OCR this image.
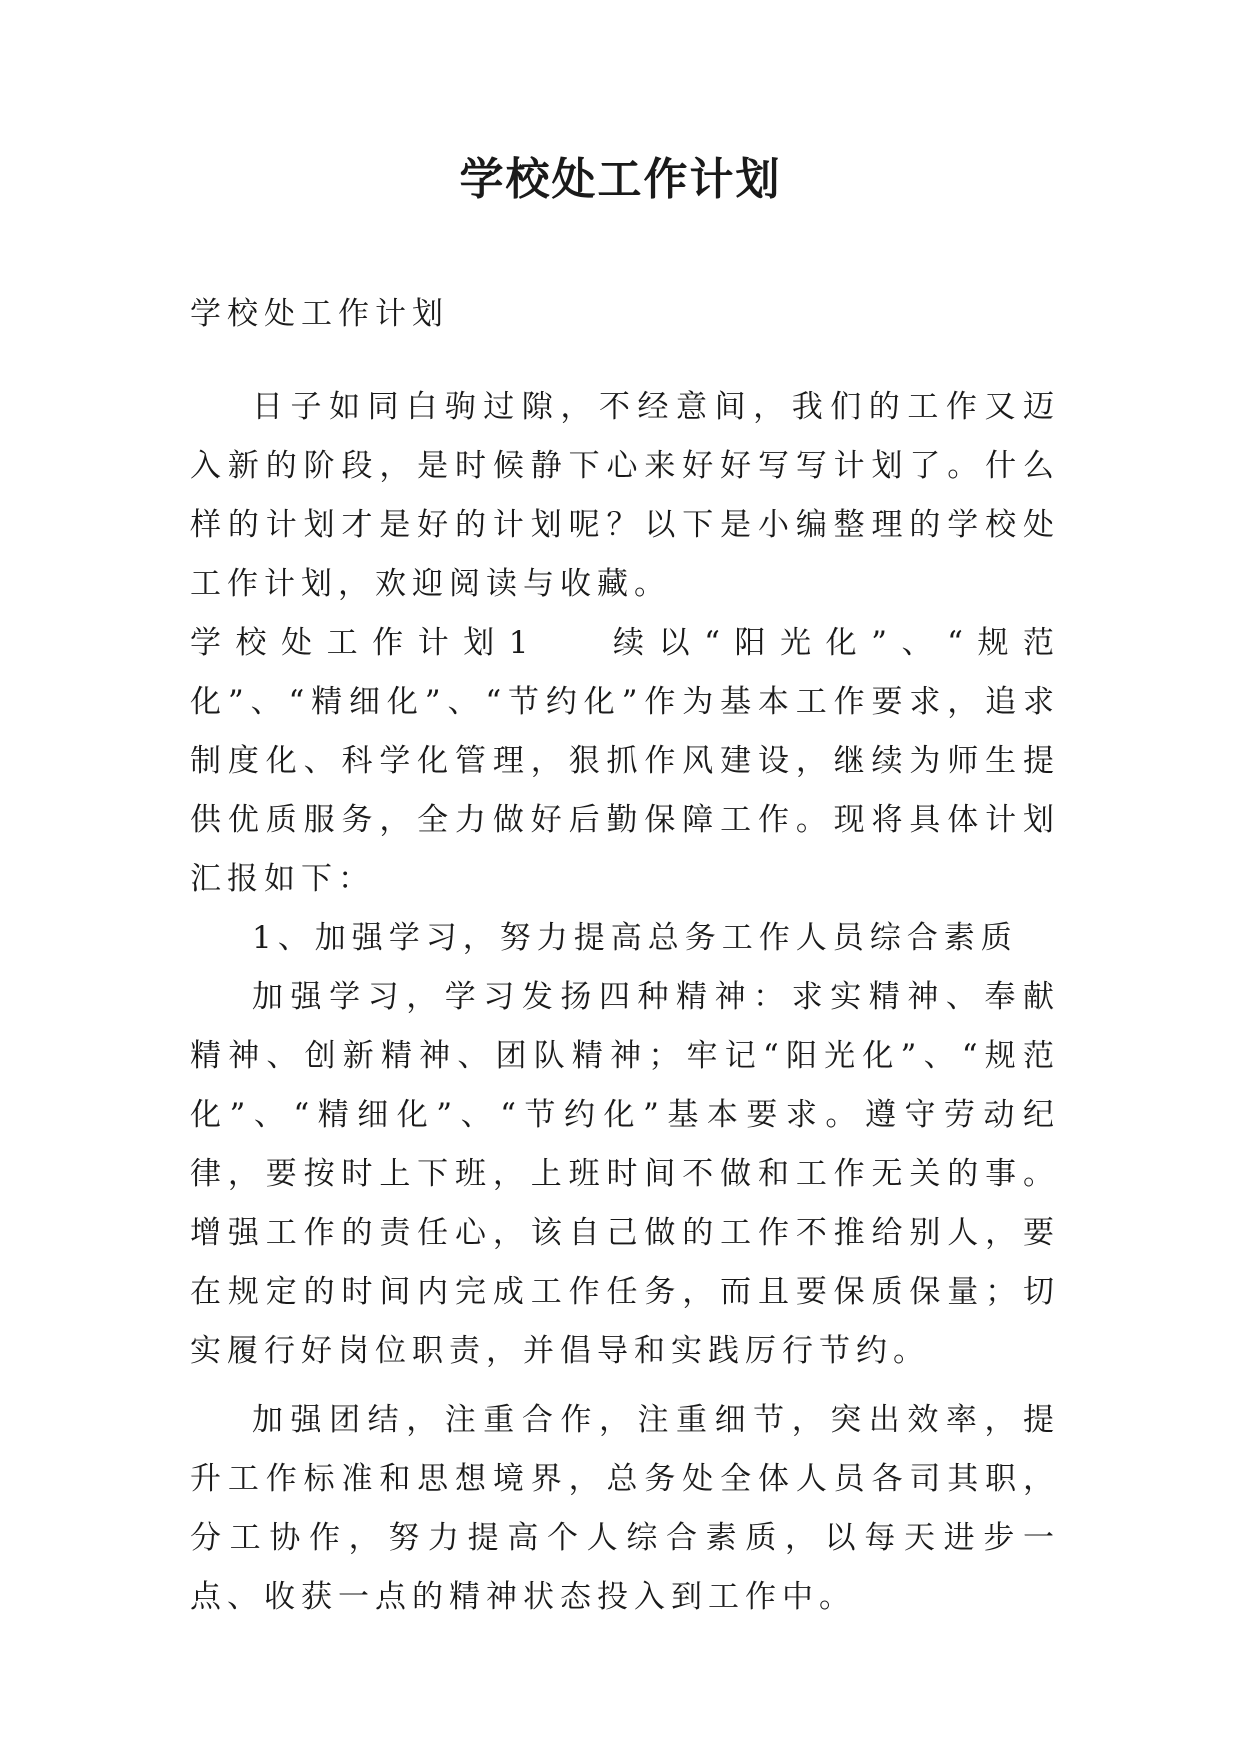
学校处工作计划

学校处工作计划

日子如同白驹过隙，不经意间，我们的工作又迈入新的阶段，是时候静下心来好好写写计划了。什么样的计划才是好的计划呢？以下是小编整理的学校处工作计划，欢迎阅读与收藏。

学校处工作计划1 续以“阳光化”、“规范化”、“精细化”、“节约化”作为基本工作要求，追求制度化、科学化管理，狠抓作风建设，继续为师生提供优质服务，全力做好后勤保障工作。现将具体计划汇报如下：

1、加强学习，努力提高总务工作人员综合素质

加强学习，学习发扬四种精神：求实精神、奉献精神、创新精神、团队精神；牢记“阳光化”、“规范化”、“精细化”、“节约化”基本要求。遵守劳动纪律，要按时上下班，上班时间不做和工作无关的事。增强工作的责任心，该自己做的工作不推给别人，要在规定的时间内完成工作任务，而且要保质保量；切实履行好岗位职责，并倡导和实践厉行节约。

加强团结，注重合作，注重细节，突出效率，提升工作标准和思想境界，总务处全体人员各司其职，分工协作，努力提高个人综合素质，以每天进步一点、收获一点的精神状态投入到工作中。
